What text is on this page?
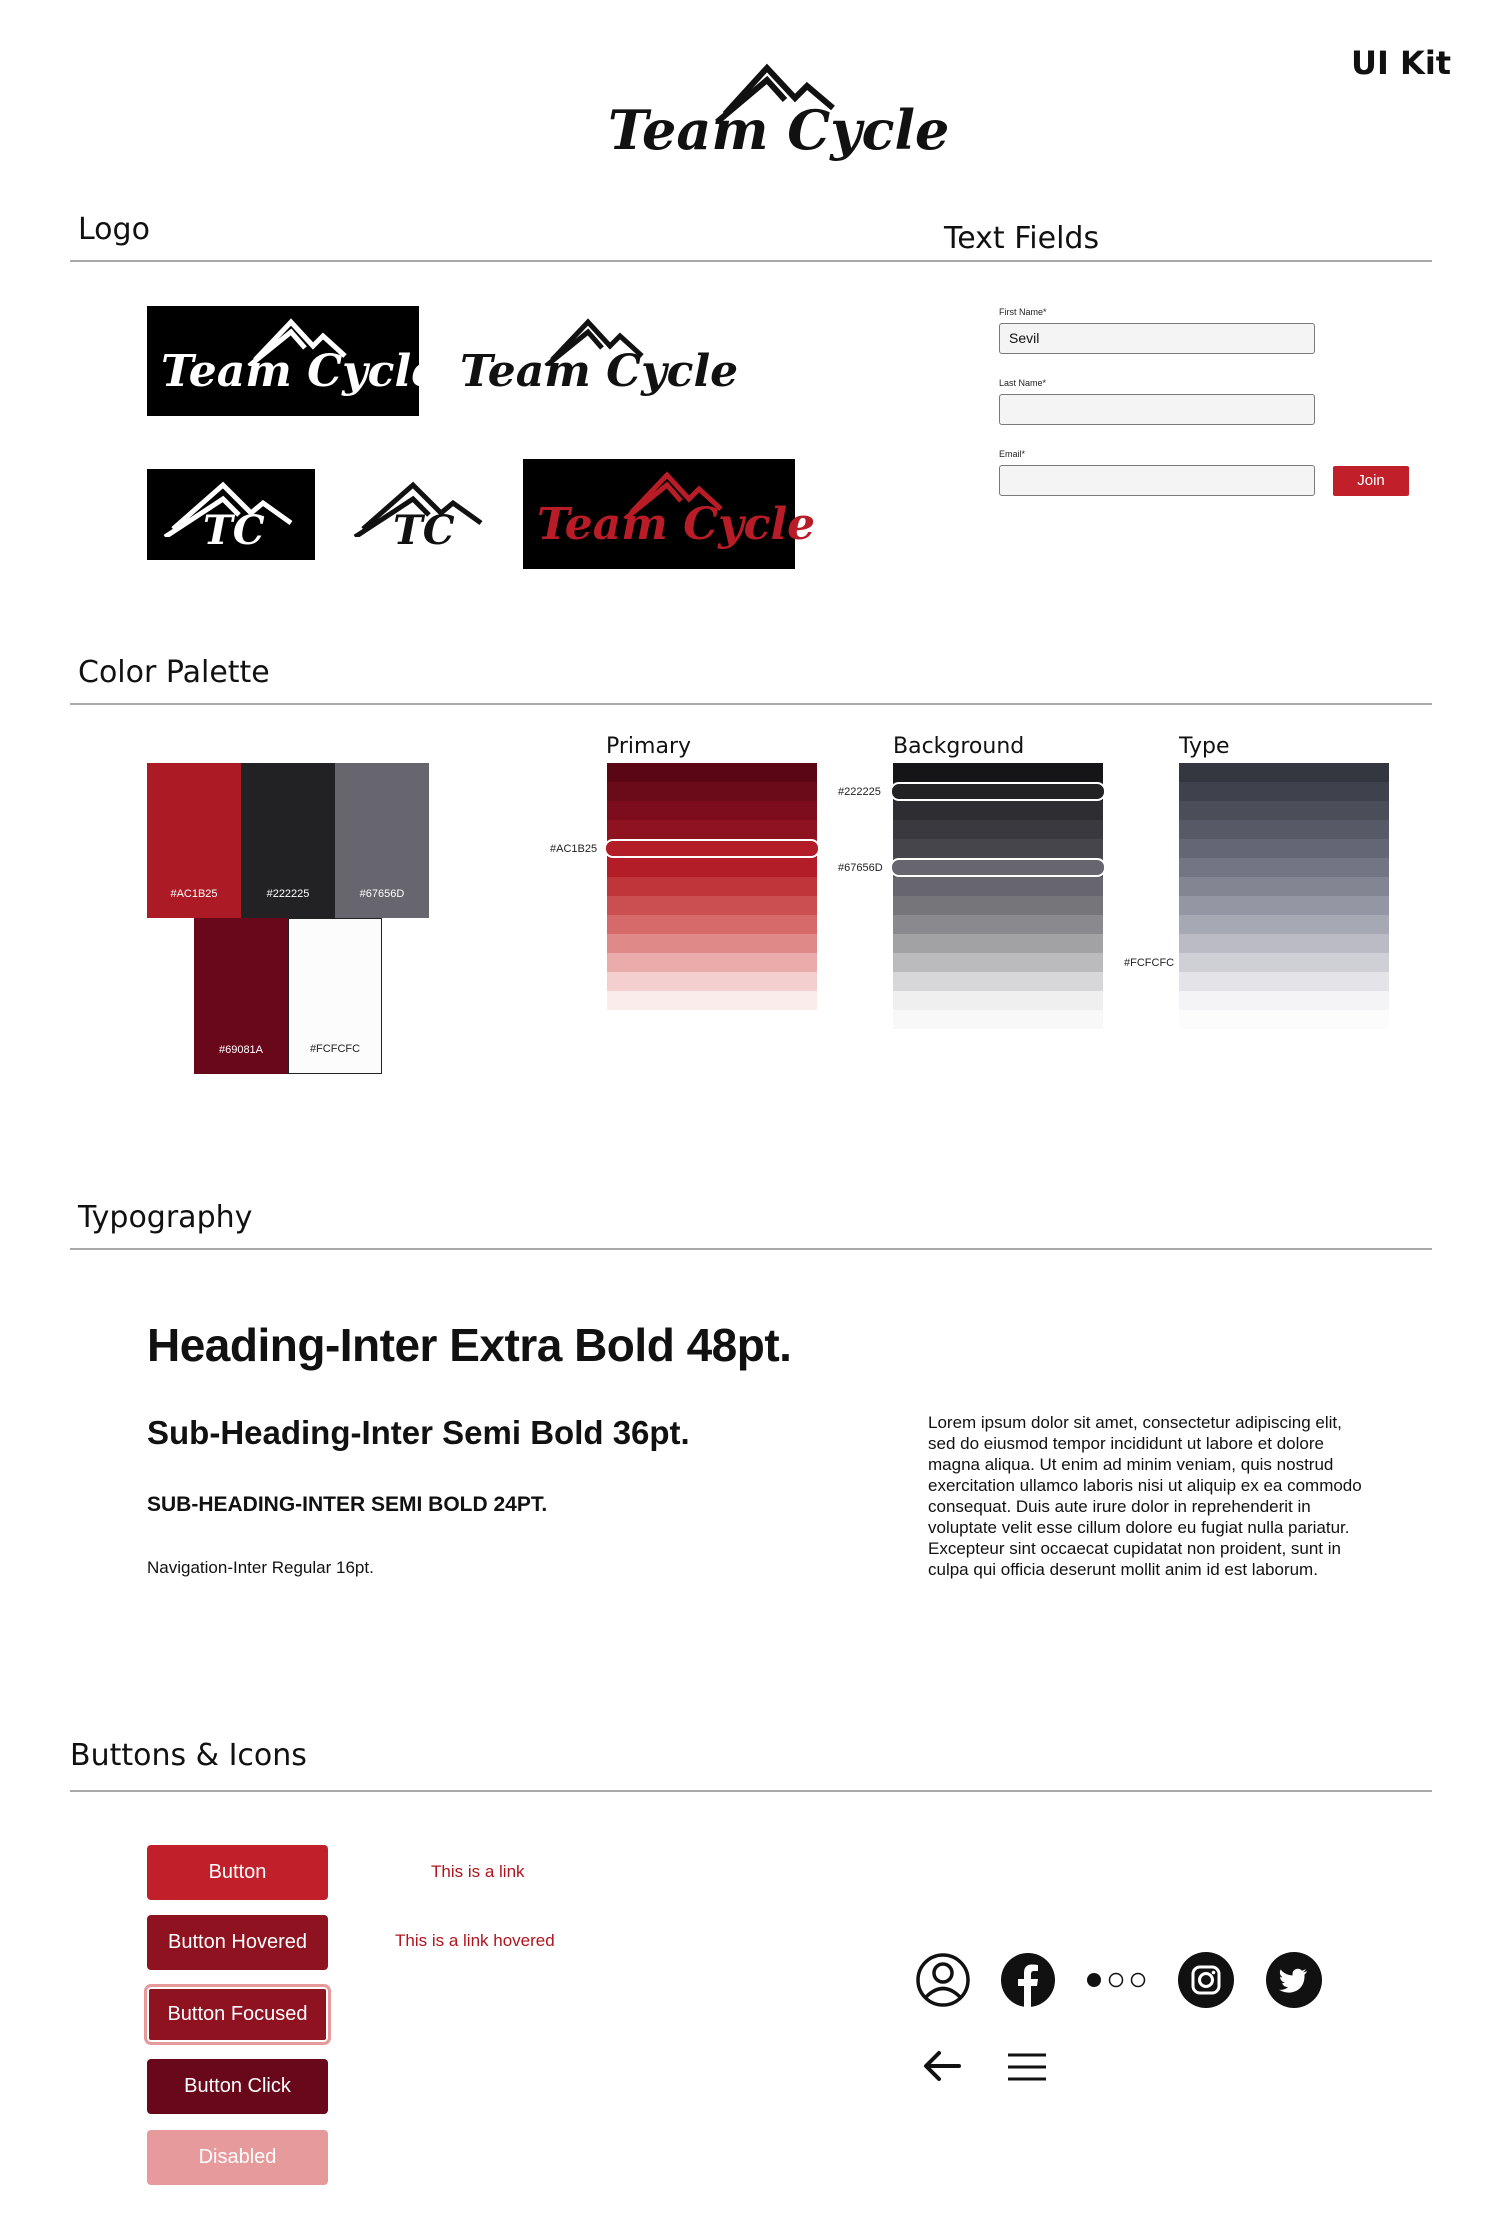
Team Cycle
UI Kit
Logo	Text Fields
Team Cycle Team Cycle
TC	TC Team Cycle
First Name*
Sevil
Last Name*
Email*
Join
Color Palette
#AC1B25	#222225	#67656D
#69081A	#FCFCFC
Primary	Background	Type
#AC1B25
#222225
#67656D
#FCFCFC
Typography
Heading-Inter Extra Bold 48pt.
Sub-Heading-Inter Semi Bold 36pt.
SUB-HEADING-INTER SEMI BOLD 24PT.
Navigation-Inter Regular 16pt.
Lorem ipsum dolor sit amet, consectetur adipiscing elit,
sed do eiusmod tempor incididunt ut labore et dolore
magna aliqua. Ut enim ad minim veniam, quis nostrud
exercitation ullamco laboris nisi ut aliquip ex ea commodo
consequat. Duis aute irure dolor in reprehenderit in
voluptate velit esse cillum dolore eu fugiat nulla pariatur.
Excepteur sint occaecat cupidatat non proident, sunt in
culpa qui officia deserunt mollit anim id est laborum.
Buttons & Icons
Button
Button Hovered
Button Focused
Button Click
Disabled
This is a link
This is a link hovered
